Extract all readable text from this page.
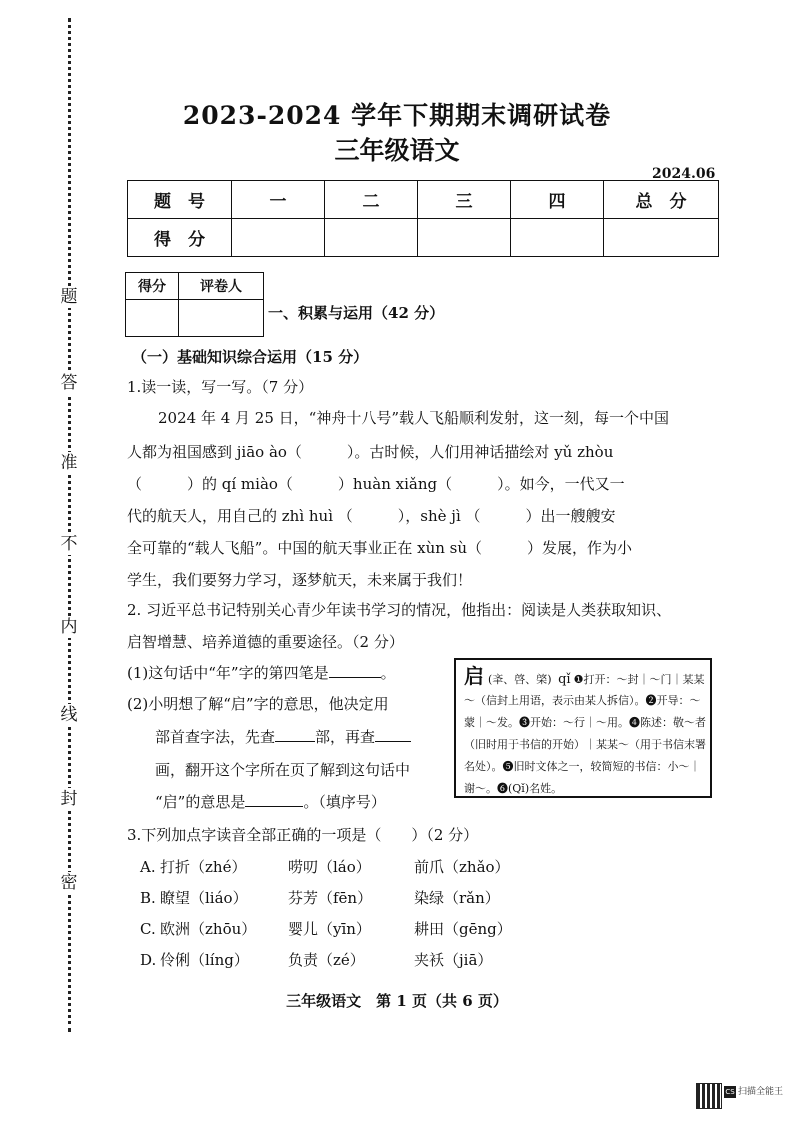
密
封
线
内
不
准
答
题
2023-2024 学年下期期末调研试卷
三年级语文
2024.06
题　号	一	二	三	四	总　分
得　分					
得分	评卷人

一、积累与运用（42 分）
（一）基础知识综合运用（15 分）
1.读一读，写一写。（7 分）
2024 年 4 月 25 日，“神舟十八号”载人飞船顺利发射，这一刻，每一个中国
人都为祖国感到 jiāo ào（　　　）。古时候，人们用神话描绘对 yǔ zhòu
（　　　）的 qí miào（　　　）huàn xiǎng（　　　）。如今，一代又一
代的航天人，用自己的 zhì huì （　　　），shè jì （　　　）出一艘艘安
全可靠的“载人飞船”。中国的航天事业正在 xùn sù（　　　）发展，作为小
学生，我们要努力学习，逐梦航天，未来属于我们！
2. 习近平总书记特别关心青少年读书学习的情况，他指出：阅读是人类获取知识、
启智增慧、培养道德的重要途径。（2 分）
(1)这句话中“年”字的第四笔是	。
(2)小明想了解“启”字的意思，他决定用
部首查字法，先查	部，再查
画，翻开这个字所在页了解到这句话中
“启”的意思是	。（填序号）
启 (㪯、啓、棨) qǐ ❶打开：～封｜～门｜某某
～（信封上用语，表示由某人拆信）。❷开导：～
蒙｜～发。❸开始：～行｜～用。❹陈述：敬～者
（旧时用于书信的开始）｜某某～（用于书信末署
名处）。❺旧时文体之一，较简短的书信：小～｜
谢～。❻(Qǐ)名姓。
3.下列加点字读音全部正确的一项是（　　）（2 分）
A. 打折（zhé）	唠叨（láo）	前爪（zhǎo）
B. 瞭望（liáo）	芬芳（fēn）	染绿（rǎn）
C. 欧洲（zhōu） 婴儿（yīn）	耕田（gēng）
D. 伶俐（líng）	负责（zé）	夹袄（jiā）
三年级语文　第 1 页（共 6 页）
CS 扫描全能王
